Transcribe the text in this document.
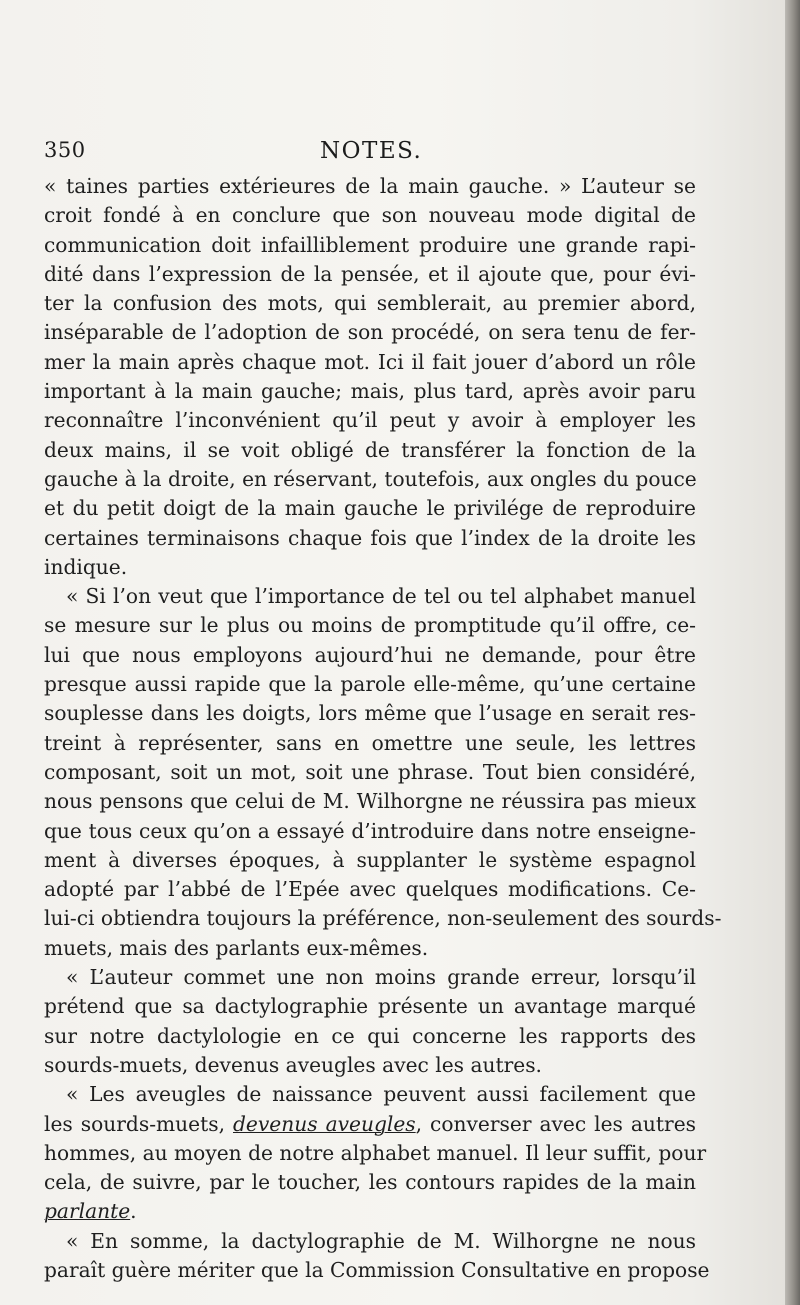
350	NOTES.
« taines parties extérieures de la main gauche. » L’auteur se
croit fondé à en conclure que son nouveau mode digital de
communication doit infailliblement produire une grande rapi-
dité dans l’expression de la pensée, et il ajoute que, pour évi-
ter la confusion des mots, qui semblerait, au premier abord,
inséparable de l’adoption de son procédé, on sera tenu de fer-
mer la main après chaque mot. Ici il fait jouer d’abord un rôle
important à la main gauche; mais, plus tard, après avoir paru
reconnaître l’inconvénient qu’il peut y avoir à employer les
deux mains, il se voit obligé de transférer la fonction de la
gauche à la droite, en réservant, toutefois, aux ongles du pouce
et du petit doigt de la main gauche le privilége de reproduire
certaines terminaisons chaque fois que l’index de la droite les
indique.
« Si l’on veut que l’importance de tel ou tel alphabet manuel
se mesure sur le plus ou moins de promptitude qu’il offre, ce-
lui que nous employons aujourd’hui ne demande, pour être
presque aussi rapide que la parole elle-même, qu’une certaine
souplesse dans les doigts, lors même que l’usage en serait res-
treint à représenter, sans en omettre une seule, les lettres
composant, soit un mot, soit une phrase. Tout bien considéré,
nous pensons que celui de M. Wilhorgne ne réussira pas mieux
que tous ceux qu’on a essayé d’introduire dans notre enseigne-
ment à diverses époques, à supplanter le système espagnol
adopté par l’abbé de l’Epée avec quelques modifications. Ce-
lui-ci obtiendra toujours la préférence, non-seulement des sourds-
muets, mais des parlants eux-mêmes.
« L’auteur commet une non moins grande erreur, lorsqu’il
prétend que sa dactylographie présente un avantage marqué
sur notre dactylologie en ce qui concerne les rapports des
sourds-muets, devenus aveugles avec les autres.
« Les aveugles de naissance peuvent aussi facilement que
les sourds-muets, devenus aveugles, converser avec les autres
hommes, au moyen de notre alphabet manuel. Il leur suffit, pour
cela, de suivre, par le toucher, les contours rapides de la main
parlante.
« En somme, la dactylographie de M. Wilhorgne ne nous
paraît guère mériter que la Commission Consultative en propose
